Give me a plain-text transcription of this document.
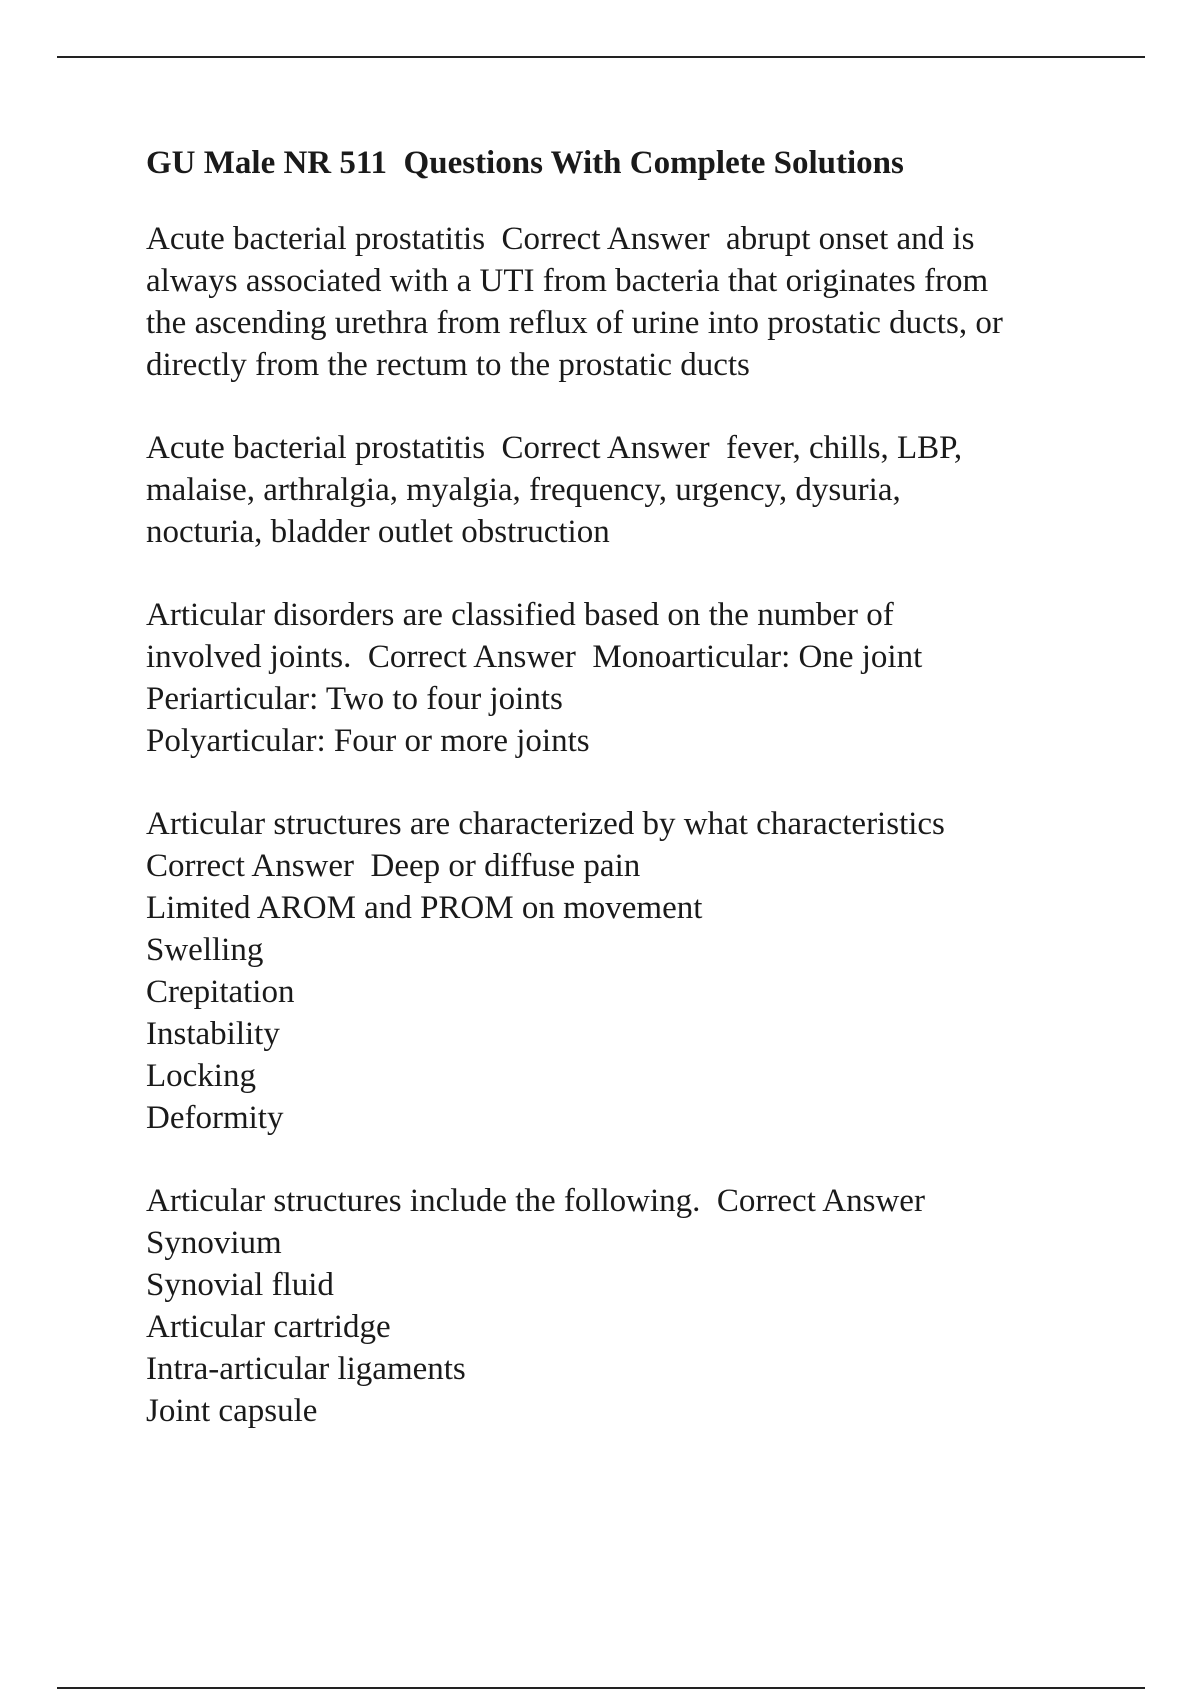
GU Male NR 511  Questions With Complete Solutions
Acute bacterial prostatitis  Correct Answer  abrupt onset and is
always associated with a UTI from bacteria that originates from
the ascending urethra from reflux of urine into prostatic ducts, or
directly from the rectum to the prostatic ducts
Acute bacterial prostatitis  Correct Answer  fever, chills, LBP,
malaise, arthralgia, myalgia, frequency, urgency, dysuria,
nocturia, bladder outlet obstruction
Articular disorders are classified based on the number of
involved joints.  Correct Answer  Monoarticular: One joint
Periarticular: Two to four joints
Polyarticular: Four or more joints
Articular structures are characterized by what characteristics
Correct Answer  Deep or diffuse pain
Limited AROM and PROM on movement
Swelling
Crepitation
Instability
Locking
Deformity
Articular structures include the following.  Correct Answer
Synovium
Synovial fluid
Articular cartridge
Intra-articular ligaments
Joint capsule
